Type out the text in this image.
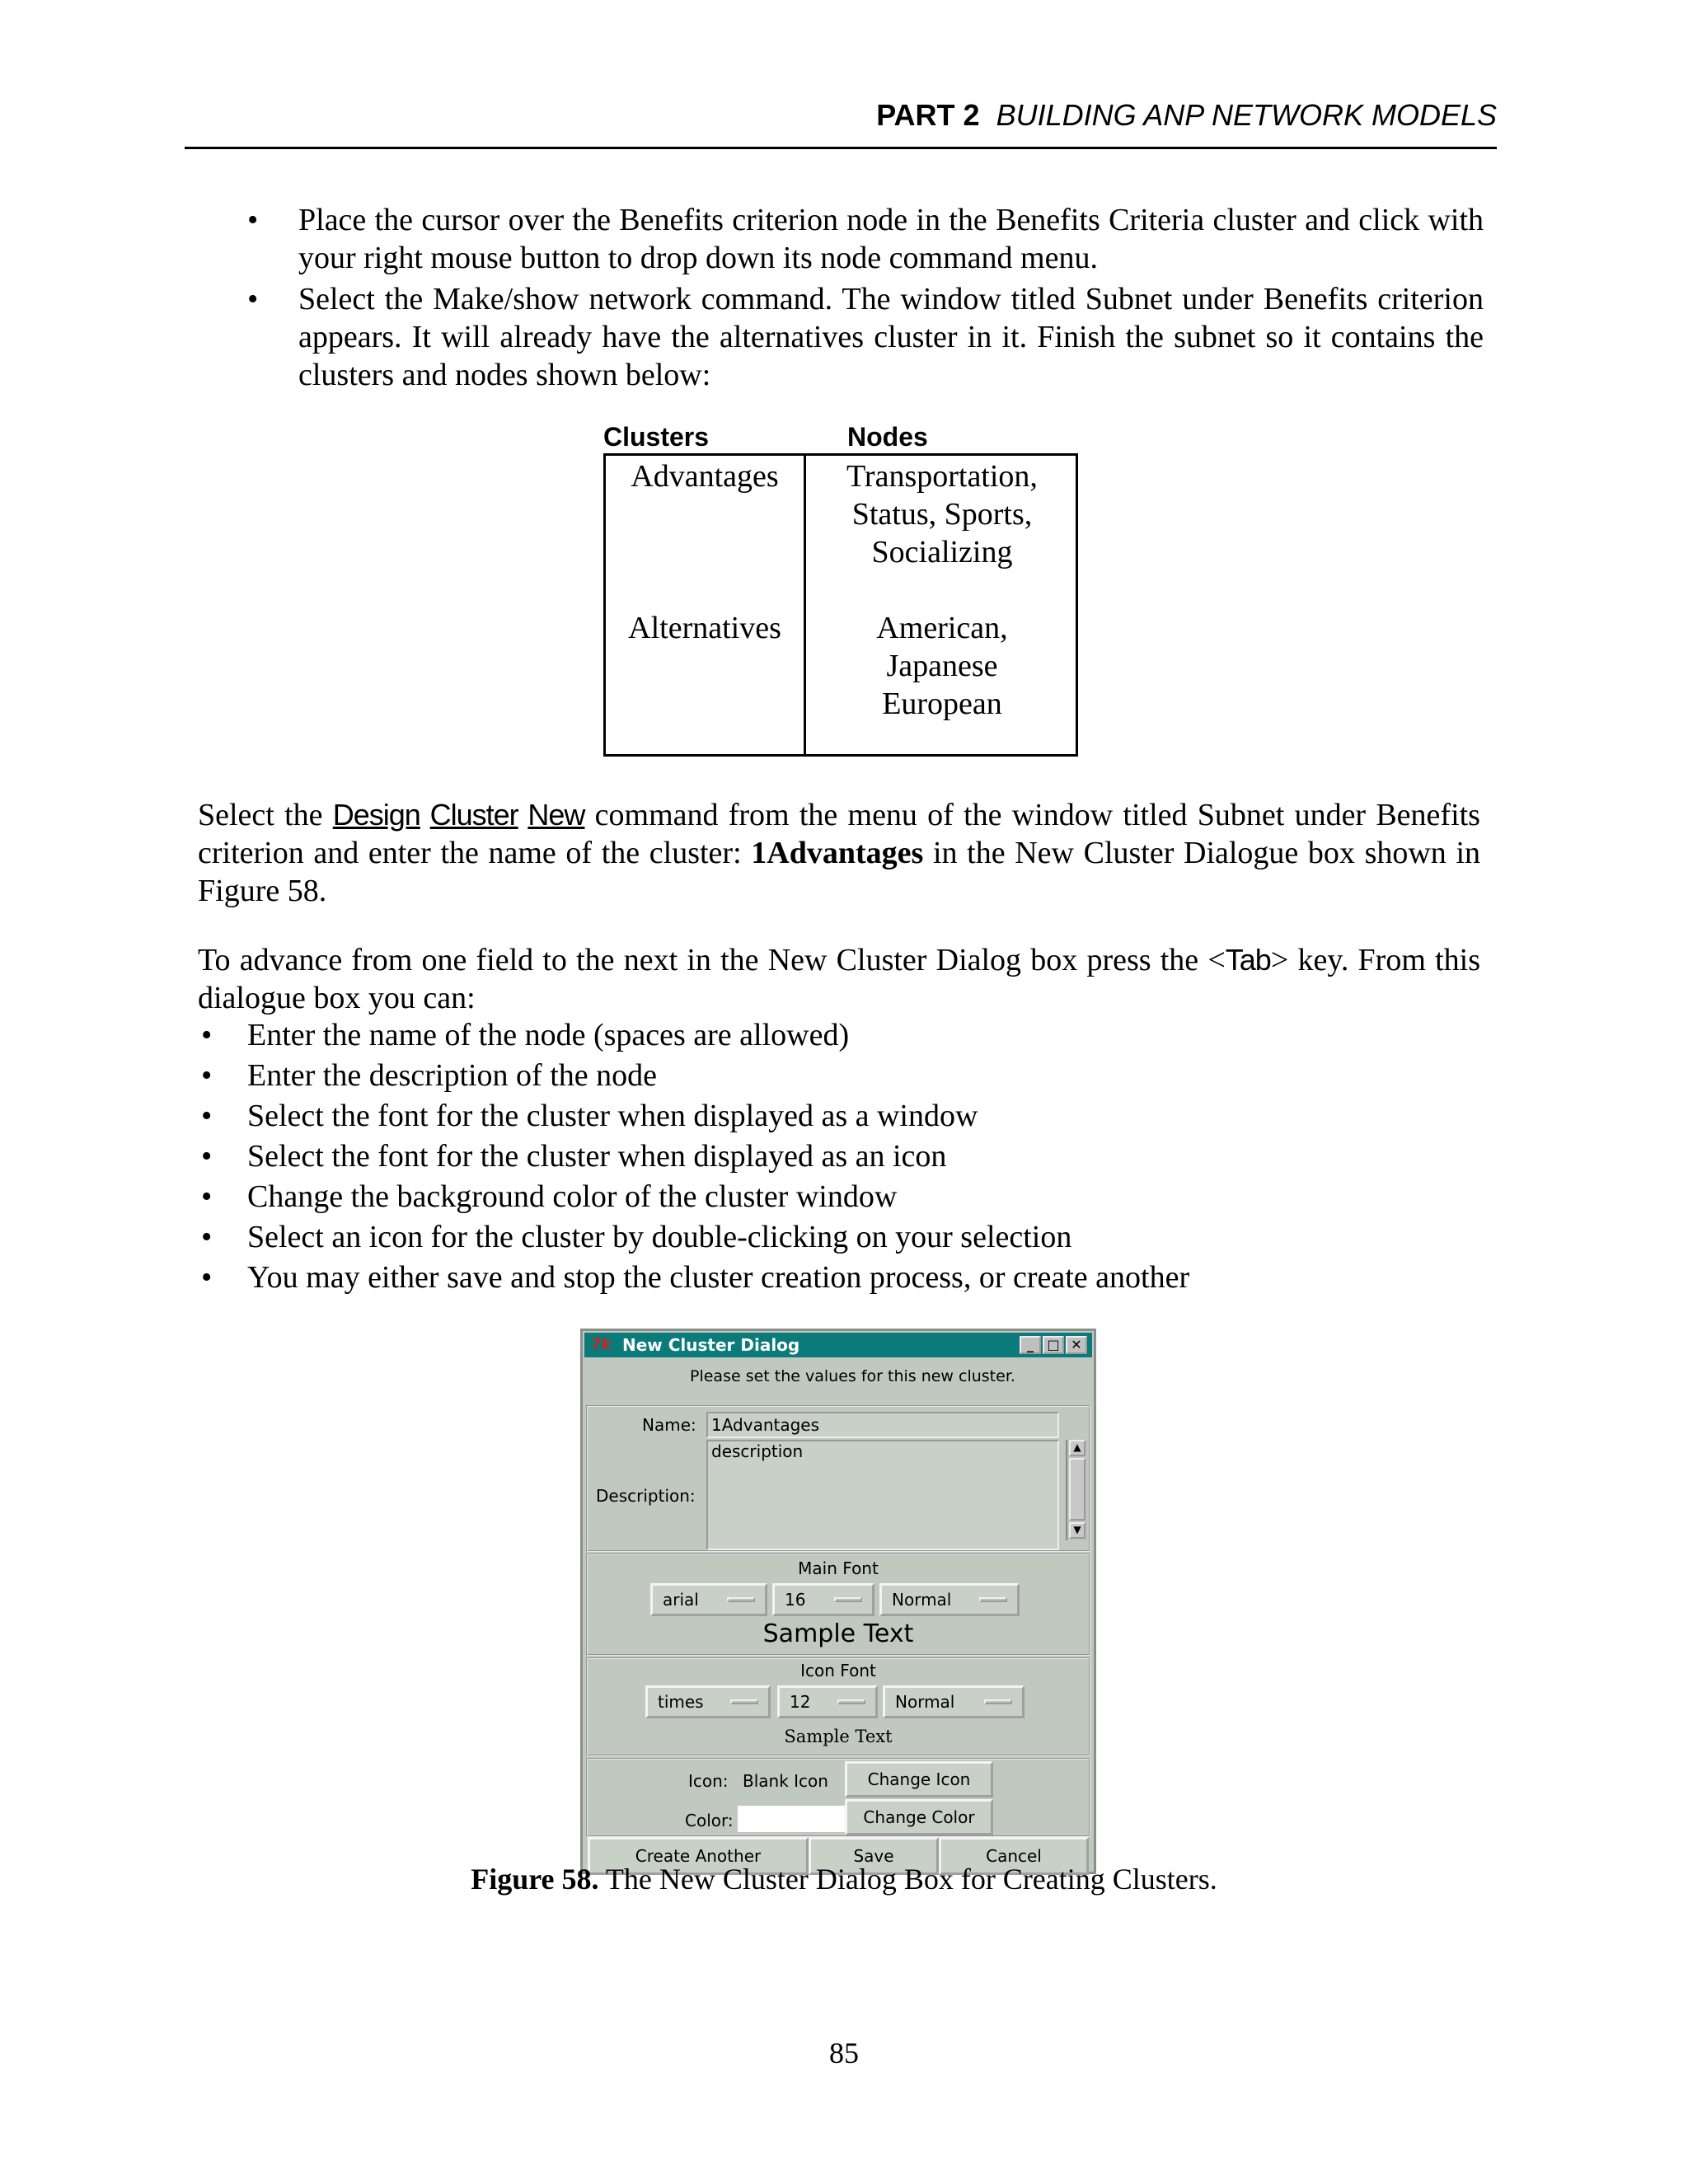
PART 2 BUILDING ANP NETWORK MODELS
• Place the cursor over the Benefits criterion node in the Benefits Criteria cluster and click with your right mouse button to drop down its node command menu.
• Select the Make/show network command. The window titled Subnet under Benefits criterion appears. It will already have the alternatives cluster in it. Finish the subnet so it contains the clusters and nodes shown below:
Clusters	Nodes
Advantages	Transportation,
Status, Sports,
Socializing
Alternatives	American,
Japanese
European
Select the Design Cluster New command from the menu of the window titled Subnet under Benefits criterion and enter the name of the cluster: 1Advantages in the New Cluster Dialogue box shown in Figure 58.
To advance from one field to the next in the New Cluster Dialog box press the <Tab> key. From this dialogue box you can:
• Enter the name of the node (spaces are allowed)
• Enter the description of the node
• Select the font for the cluster when displayed as a window
• Select the font for the cluster when displayed as an icon
• Change the background color of the cluster window
• Select an icon for the cluster by double-clicking on your selection
• You may either save and stop the cluster creation process, or create another
7k New Cluster Dialog	_	□ ✕
Please set the values for this new cluster.
Name: 1Advantages
description	▲
▼
Description:
Main Font
arial	16	Normal
Sample Text
Icon Font
times	12	Normal
Sample Text
Icon: Blank Icon	Change Icon
Color:	Change Color
Create Another	Save	Cancel
Figure 58. The New Cluster Dialog Box for Creating Clusters.
85
